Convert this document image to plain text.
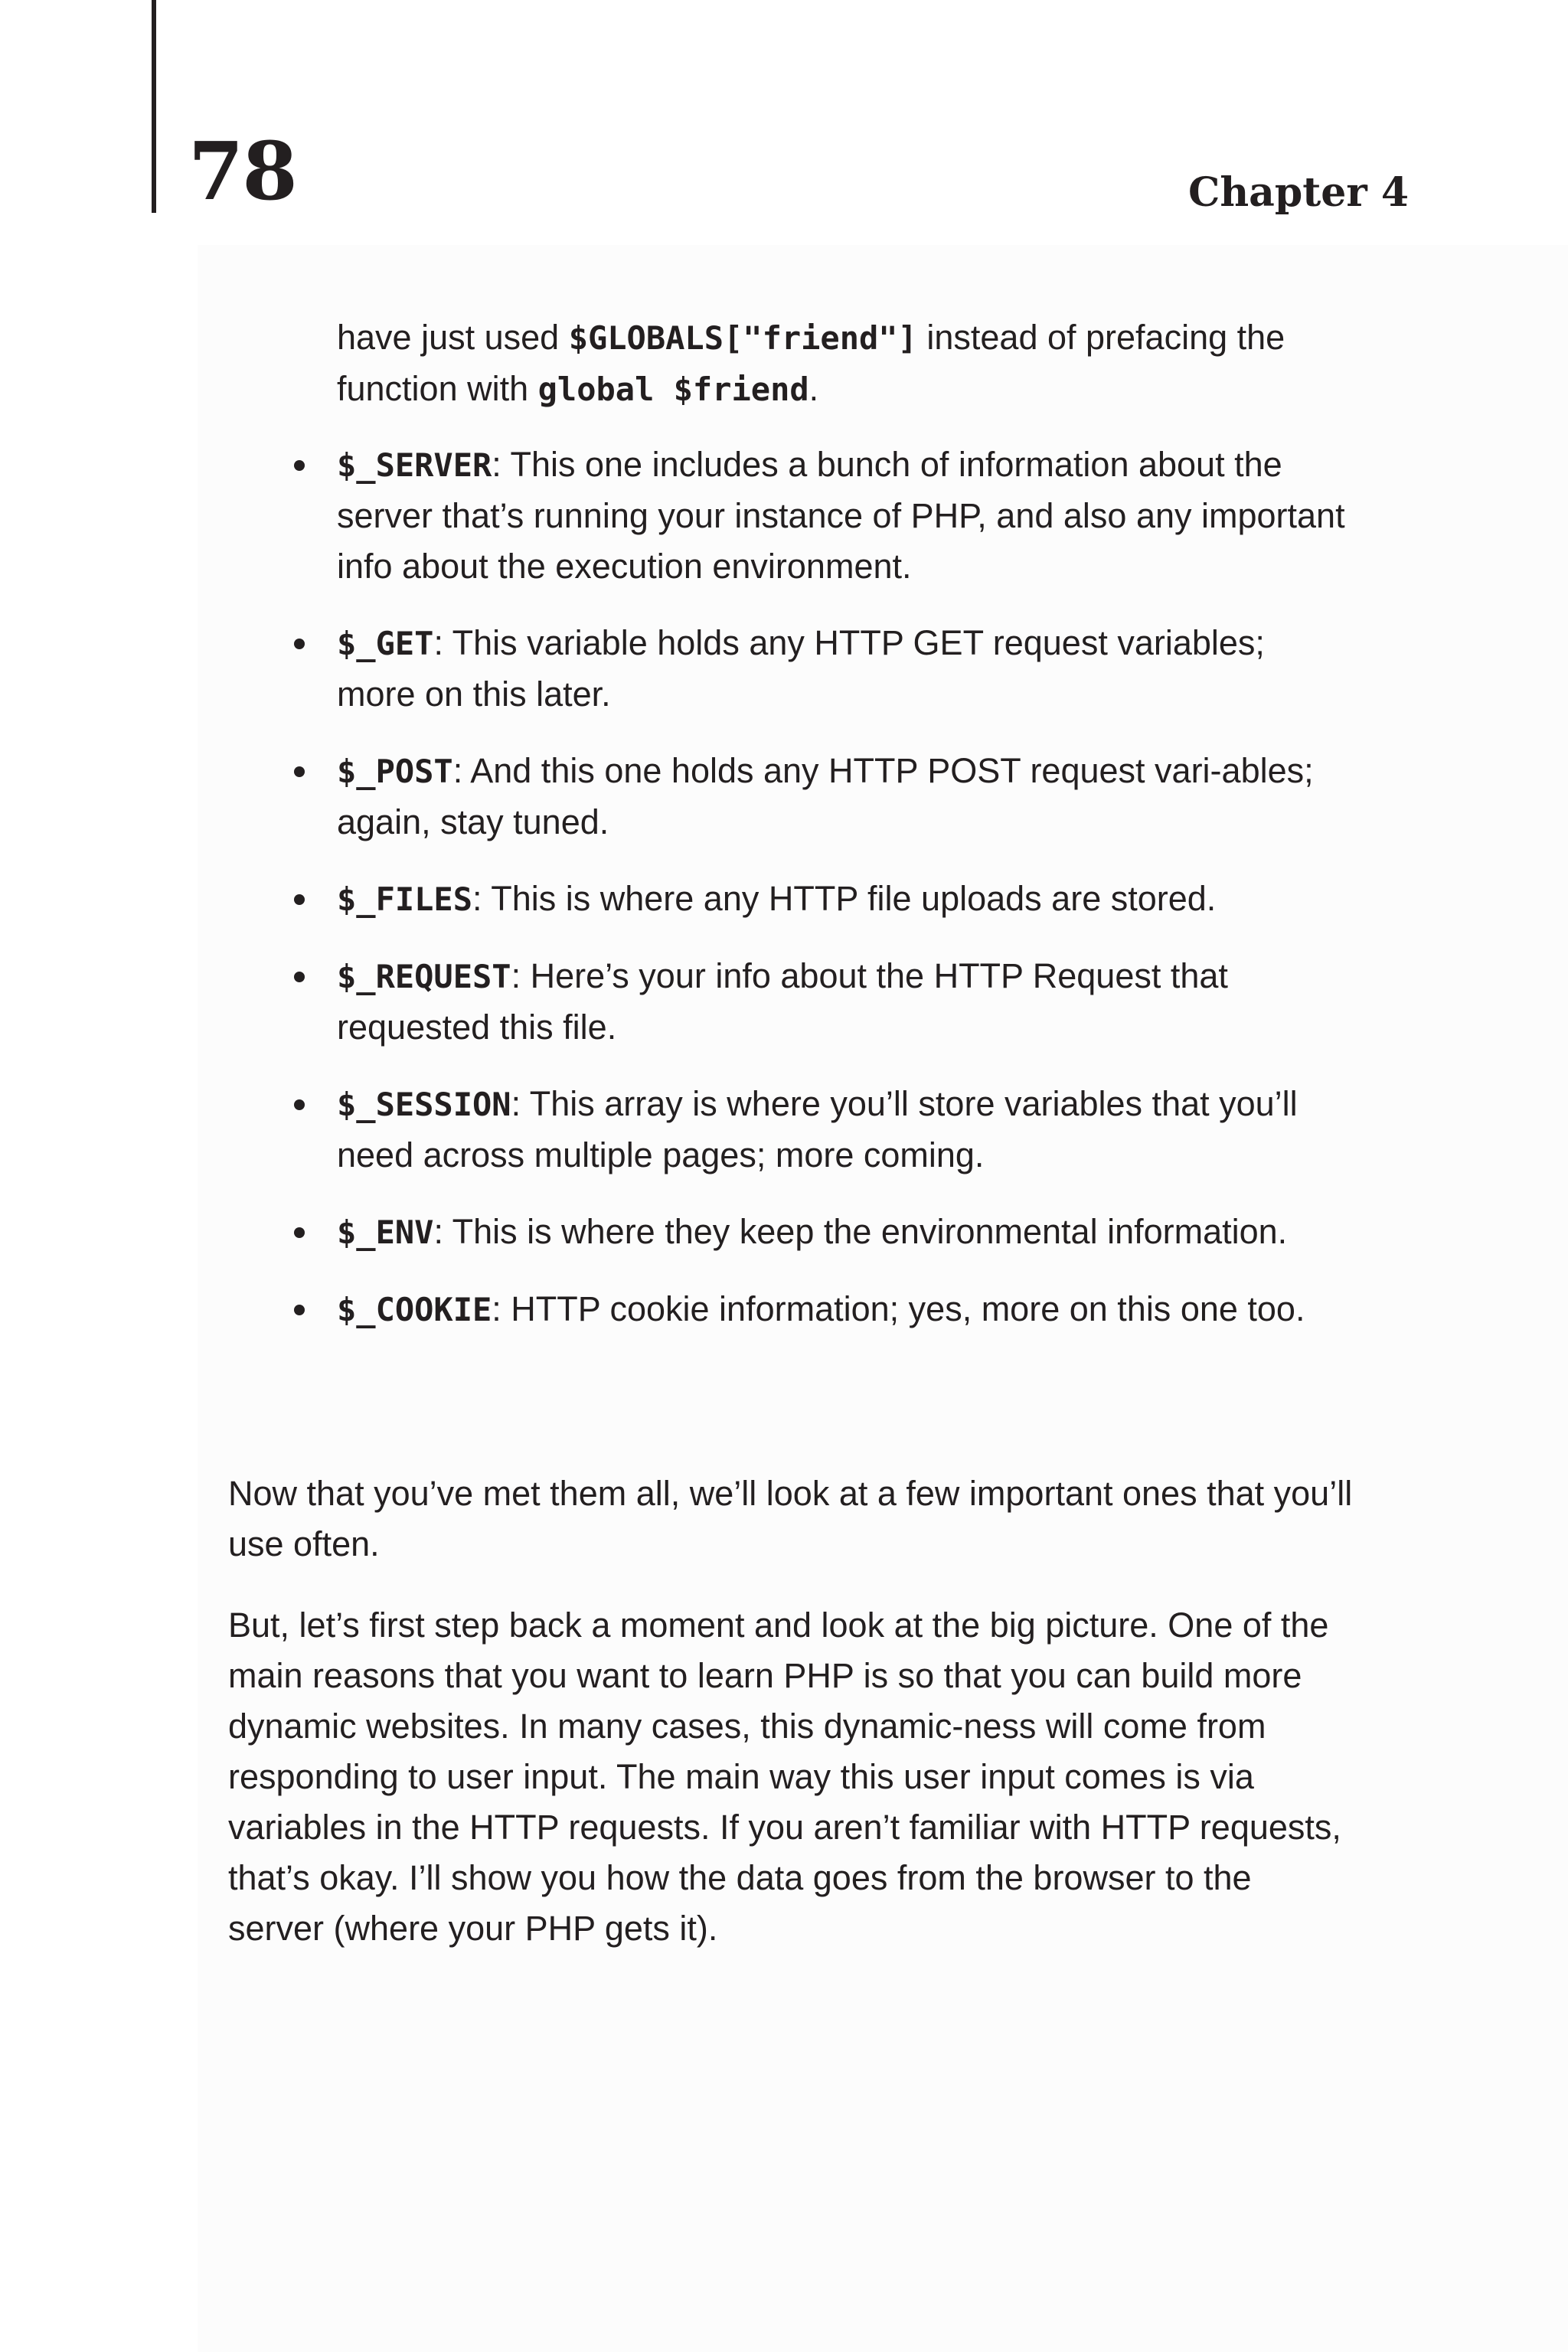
78	Chapter 4

have just used $GLOBALS["friend"] instead of prefacing the function with global $friend.

$_SERVER: This one includes a bunch of information about the server that’s running your instance of PHP, and also any important info about the execution environment.
$_GET: This variable holds any HTTP GET request variables; more on this later.
$_POST: And this one holds any HTTP POST request vari-ables; again, stay tuned.
$_FILES: This is where any HTTP file uploads are stored.
$_REQUEST: Here’s your info about the HTTP Request that requested this file.
$_SESSION: This array is where you’ll store variables that you’ll need across multiple pages; more coming.
$_ENV: This is where they keep the environmental information.
$_COOKIE: HTTP cookie information; yes, more on this one too.

Now that you’ve met them all, we’ll look at a few important ones that you’ll use often.

But, let’s first step back a moment and look at the big picture. One of the main reasons that you want to learn PHP is so that you can build more dynamic websites. In many cases, this dynamic-ness will come from responding to user input. The main way this user input comes is via variables in the HTTP requests. If you aren’t familiar with HTTP requests, that’s okay. I’ll show you how the data goes from the browser to the server (where your PHP gets it).
